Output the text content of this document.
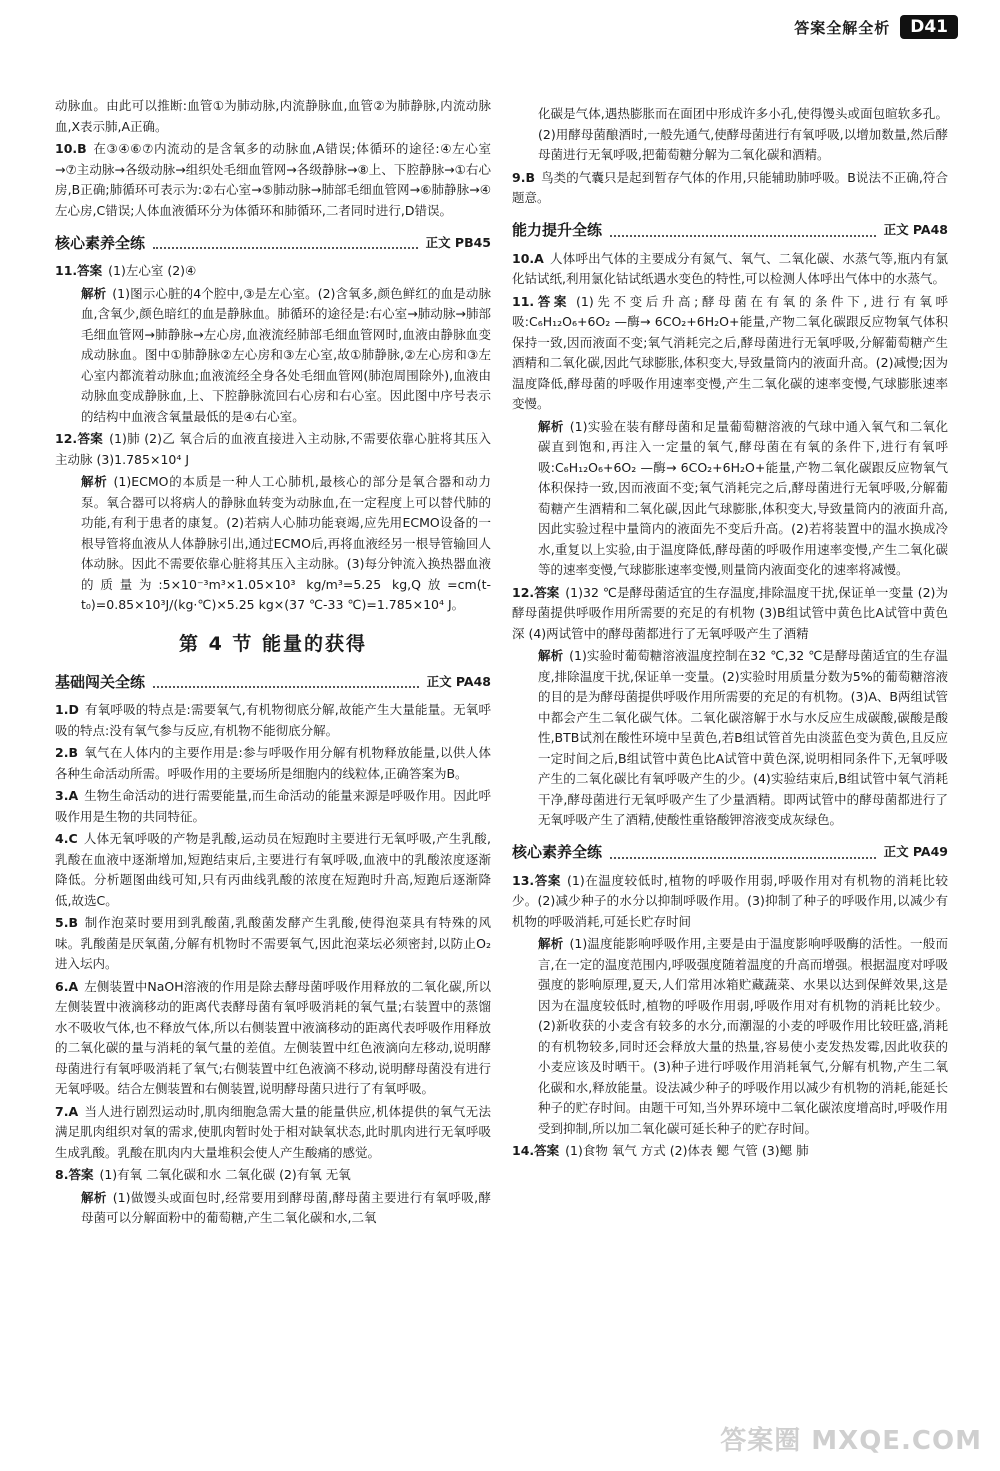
答案全解全析	D41

动脉血。由此可以推断:血管①为肺动脉,内流静脉血,血管②为肺静脉,内流动脉血,X表示肺,A正确。

10.B 在③④⑥⑦内流动的是含氧多的动脉血,A错误;体循环的途径:④左心室→⑦主动脉→各级动脉→组织处毛细血管网→各级静脉→⑧上、下腔静脉→①右心房,B正确;肺循环可表示为:②右心室→⑤肺动脉→肺部毛细血管网→⑥肺静脉→④左心房,C错误;人体血液循环分为体循环和肺循环,二者同时进行,D错误。

核心素养全练	正文 PB45

11.答案 (1)左心室 (2)④

解析 (1)图示心脏的4个腔中,③是左心室。(2)含氧多,颜色鲜红的血是动脉血,含氧少,颜色暗红的血是静脉血。肺循环的途径是:右心室→肺动脉→肺部毛细血管网→肺静脉→左心房,血液流经肺部毛细血管网时,血液由静脉血变成动脉血。图中①肺静脉②左心房和③左心室,故①肺静脉,②左心房和③左心室内都流着动脉血;血液流经全身各处毛细血管网(肺泡周围除外),血液由动脉血变成静脉血,上、下腔静脉流回右心房和右心室。因此图中序号表示的结构中血液含氧量最低的是④右心室。

12.答案 (1)肺 (2)乙 氧合后的血液直接进入主动脉,不需要依靠心脏将其压入主动脉 (3)1.785×10⁴ J

解析 (1)ECMO的本质是一种人工心肺机,最核心的部分是氧合器和动力泵。氧合器可以将病人的静脉血转变为动脉血,在一定程度上可以替代肺的功能,有利于患者的康复。(2)若病人心肺功能衰竭,应先用ECMO设备的一根导管将血液从人体静脉引出,通过ECMO后,再将血液经另一根导管输回人体动脉。因此不需要依靠心脏将其压入主动脉。(3)每分钟流入换热器血液的质量为:5×10⁻³m³×1.05×10³ kg/m³=5.25 kg,Q放=cm(t-t₀)=0.85×10³J/(kg·℃)×5.25 kg×(37 ℃-33 ℃)=1.785×10⁴ J。

第 4 节 能量的获得
基础闯关全练	正文 PA48

1.D 有氧呼吸的特点是:需要氧气,有机物彻底分解,故能产生大量能量。无氧呼吸的特点:没有氧气参与反应,有机物不能彻底分解。

2.B 氧气在人体内的主要作用是:参与呼吸作用分解有机物释放能量,以供人体各种生命活动所需。呼吸作用的主要场所是细胞内的线粒体,正确答案为B。

3.A 生物生命活动的进行需要能量,而生命活动的能量来源是呼吸作用。因此呼吸作用是生物的共同特征。

4.C 人体无氧呼吸的产物是乳酸,运动员在短跑时主要进行无氧呼吸,产生乳酸,乳酸在血液中逐渐增加,短跑结束后,主要进行有氧呼吸,血液中的乳酸浓度逐渐降低。分析题图曲线可知,只有丙曲线乳酸的浓度在短跑时升高,短跑后逐渐降低,故选C。

5.B 制作泡菜时要用到乳酸菌,乳酸菌发酵产生乳酸,使得泡菜具有特殊的风味。乳酸菌是厌氧菌,分解有机物时不需要氧气,因此泡菜坛必须密封,以防止O₂进入坛内。

6.A 左侧装置中NaOH溶液的作用是除去酵母菌呼吸作用释放的二氧化碳,所以左侧装置中液滴移动的距离代表酵母菌有氧呼吸消耗的氧气量;右装置中的蒸馏水不吸收气体,也不释放气体,所以右侧装置中液滴移动的距离代表呼吸作用释放的二氧化碳的量与消耗的氧气量的差值。左侧装置中红色液滴向左移动,说明酵母菌进行有氧呼吸消耗了氧气;右侧装置中红色液滴不移动,说明酵母菌没有进行无氧呼吸。结合左侧装置和右侧装置,说明酵母菌只进行了有氧呼吸。

7.A 当人进行剧烈运动时,肌肉细胞急需大量的能量供应,机体提供的氧气无法满足肌肉组织对氧的需求,使肌肉暂时处于相对缺氧状态,此时肌肉进行无氧呼吸生成乳酸。乳酸在肌肉内大量堆积会使人产生酸痛的感觉。

8.答案 (1)有氧 二氧化碳和水 二氧化碳 (2)有氧 无氧

解析 (1)做馒头或面包时,经常要用到酵母菌,酵母菌主要进行有氧呼吸,酵母菌可以分解面粉中的葡萄糖,产生二氧化碳和水,二氧

化碳是气体,遇热膨胀而在面团中形成许多小孔,使得馒头或面包暄软多孔。(2)用酵母菌酿酒时,一般先通气,使酵母菌进行有氧呼吸,以增加数量,然后酵母菌进行无氧呼吸,把葡萄糖分解为二氧化碳和酒精。

9.B 鸟类的气囊只是起到暂存气体的作用,只能辅助肺呼吸。B说法不正确,符合题意。

能力提升全练	正文 PA48

10.A 人体呼出气体的主要成分有氮气、氧气、二氧化碳、水蒸气等,瓶内有氯化钴试纸,利用氯化钴试纸遇水变色的特性,可以检测人体呼出气体中的水蒸气。

11.答案 (1)先不变后升高;酵母菌在有氧的条件下,进行有氧呼吸:C₆H₁₂O₆+6O₂ —酶→ 6CO₂+6H₂O+能量,产物二氧化碳跟反应物氧气体积保持一致,因而液面不变;氧气消耗完之后,酵母菌进行无氧呼吸,分解葡萄糖产生酒精和二氧化碳,因此气球膨胀,体积变大,导致量筒内的液面升高。(2)减慢;因为温度降低,酵母菌的呼吸作用速率变慢,产生二氧化碳的速率变慢,气球膨胀速率变慢。

解析 (1)实验在装有酵母菌和足量葡萄糖溶液的气球中通入氧气和二氧化碳直到饱和,再注入一定量的氧气,酵母菌在有氧的条件下,进行有氧呼吸:C₆H₁₂O₆+6O₂ —酶→ 6CO₂+6H₂O+能量,产物二氧化碳跟反应物氧气体积保持一致,因而液面不变;氧气消耗完之后,酵母菌进行无氧呼吸,分解葡萄糖产生酒精和二氧化碳,因此气球膨胀,体积变大,导致量筒内的液面升高,因此实验过程中量筒内的液面先不变后升高。(2)若将装置中的温水换成冷水,重复以上实验,由于温度降低,酵母菌的呼吸作用速率变慢,产生二氧化碳等的速率变慢,气球膨胀速率变慢,则量筒内液面变化的速率将减慢。

12.答案 (1)32 ℃是酵母菌适宜的生存温度,排除温度干扰,保证单一变量 (2)为酵母菌提供呼吸作用所需要的充足的有机物 (3)B组试管中黄色比A试管中黄色深 (4)两试管中的酵母菌都进行了无氧呼吸产生了酒精

解析 (1)实验时葡萄糖溶液温度控制在32 ℃,32 ℃是酵母菌适宜的生存温度,排除温度干扰,保证单一变量。(2)实验时用质量分数为5%的葡萄糖溶液的目的是为酵母菌提供呼吸作用所需要的充足的有机物。(3)A、B两组试管中都会产生二氧化碳气体。二氧化碳溶解于水与水反应生成碳酸,碳酸是酸性,BTB试剂在酸性环境中呈黄色,若B组试管首先由淡蓝色变为黄色,且反应一定时间之后,B组试管中黄色比A试管中黄色深,说明相同条件下,无氧呼吸产生的二氧化碳比有氧呼吸产生的少。(4)实验结束后,B组试管中氧气消耗干净,酵母菌进行无氧呼吸产生了少量酒精。即两试管中的酵母菌都进行了无氧呼吸产生了酒精,使酸性重铬酸钾溶液变成灰绿色。

核心素养全练	正文 PA49

13.答案 (1)在温度较低时,植物的呼吸作用弱,呼吸作用对有机物的消耗比较少。(2)减少种子的水分以抑制呼吸作用。(3)抑制了种子的呼吸作用,以减少有机物的呼吸消耗,可延长贮存时间

解析 (1)温度能影响呼吸作用,主要是由于温度影响呼吸酶的活性。一般而言,在一定的温度范围内,呼吸强度随着温度的升高而增强。根据温度对呼吸强度的影响原理,夏天,人们常用冰箱贮藏蔬菜、水果以达到保鲜效果,这是因为在温度较低时,植物的呼吸作用弱,呼吸作用对有机物的消耗比较少。(2)新收获的小麦含有较多的水分,而潮湿的小麦的呼吸作用比较旺盛,消耗的有机物较多,同时还会释放大量的热量,容易使小麦发热发霉,因此收获的小麦应该及时晒干。(3)种子进行呼吸作用消耗氧气,分解有机物,产生二氧化碳和水,释放能量。设法减少种子的呼吸作用以减少有机物的消耗,能延长种子的贮存时间。由题干可知,当外界环境中二氧化碳浓度增高时,呼吸作用受到抑制,所以加二氧化碳可延长种子的贮存时间。

14.答案 (1)食物 氧气 方式 (2)体表 鳃 气管 (3)鳃 肺

答案圈 MXQE.COM
